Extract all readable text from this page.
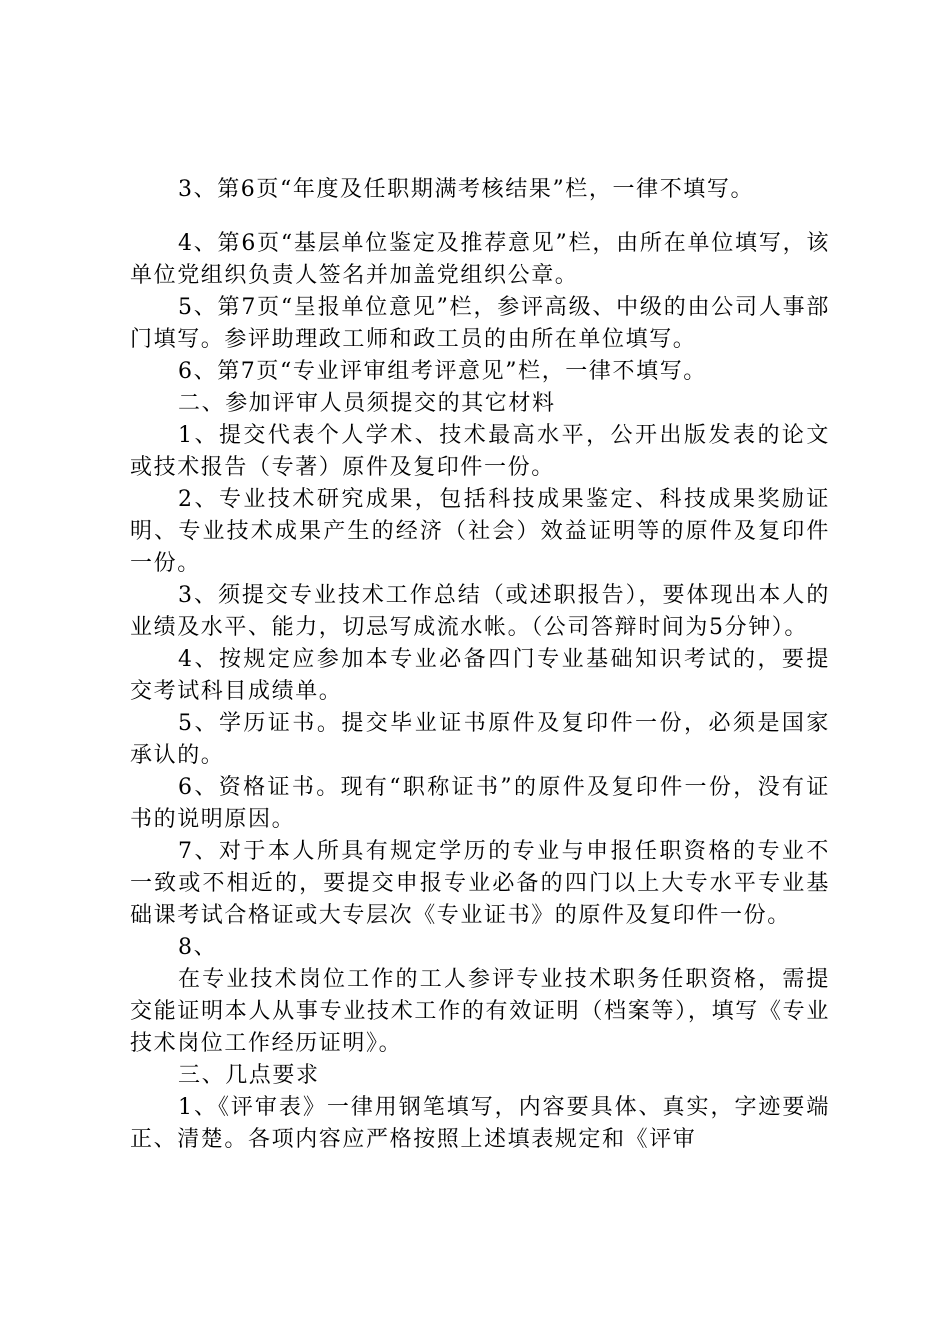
3、第6页“年度及任职期满考核结果”栏，一律不填写。

4、第6页“基层单位鉴定及推荐意见”栏，由所在单位填写，该单位党组织负责人签名并加盖党组织公章。

5、第7页“呈报单位意见”栏，参评高级、中级的由公司人事部门填写。参评助理政工师和政工员的由所在单位填写。

6、第7页“专业评审组考评意见”栏，一律不填写。

二、参加评审人员须提交的其它材料

1、提交代表个人学术、技术最高水平，公开出版发表的论文或技术报告（专著）原件及复印件一份。

2、专业技术研究成果，包括科技成果鉴定、科技成果奖励证明、专业技术成果产生的经济（社会）效益证明等的原件及复印件一份。

3、须提交专业技术工作总结（或述职报告），要体现出本人的业绩及水平、能力，切忌写成流水帐。（公司答辩时间为5分钟）。

4、按规定应参加本专业必备四门专业基础知识考试的，要提交考试科目成绩单。

5、学历证书。提交毕业证书原件及复印件一份，必须是国家承认的。

6、资格证书。现有“职称证书”的原件及复印件一份，没有证书的说明原因。

7、对于本人所具有规定学历的专业与申报任职资格的专业不一致或不相近的，要提交申报专业必备的四门以上大专水平专业基础课考试合格证或大专层次《专业证书》的原件及复印件一份。

8、

在专业技术岗位工作的工人参评专业技术职务任职资格，需提交能证明本人从事专业技术工作的有效证明（档案等），填写《专业技术岗位工作经历证明》。

三、几点要求

1、《评审表》一律用钢笔填写，内容要具体、真实，字迹要端正、清楚。各项内容应严格按照上述填表规定和《评审
